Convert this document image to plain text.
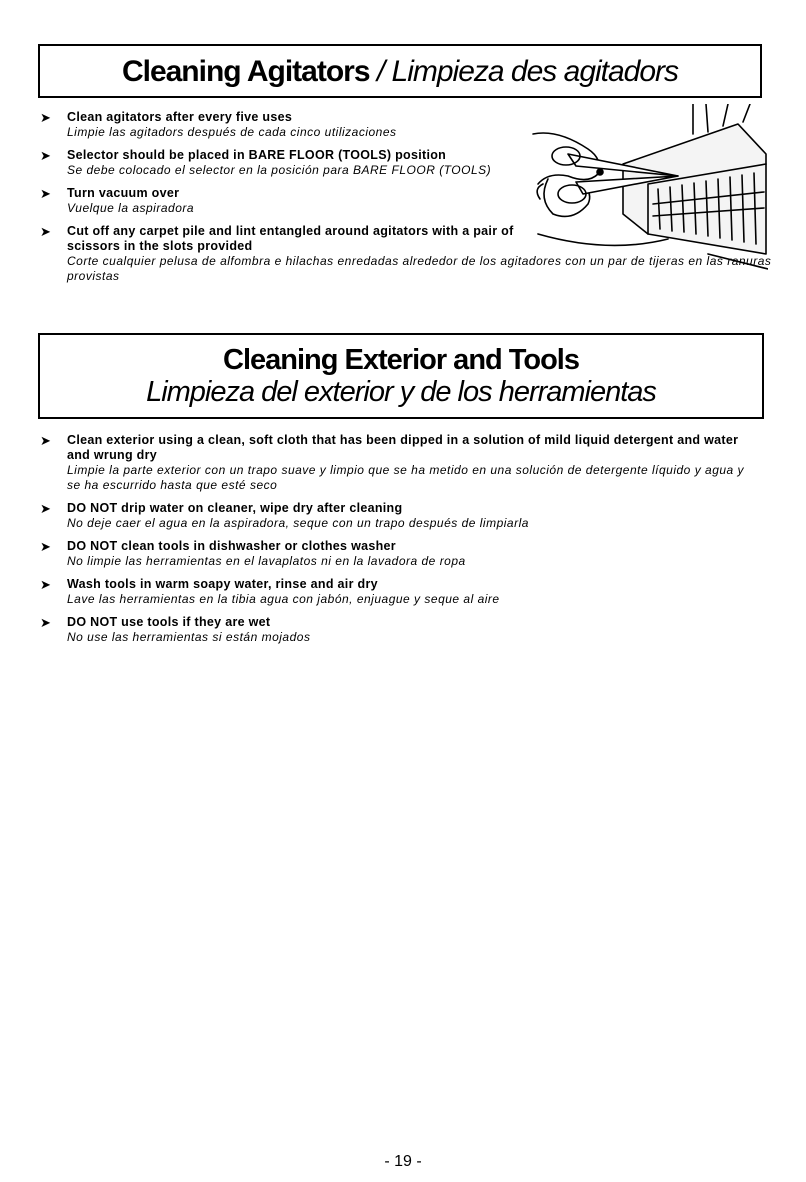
Cleaning Agitators / Limpieza des agitadors
➤ Clean agitators after every five uses
Limpie las agitadors después de cada cinco utilizaciones
➤ Selector should be placed in BARE FLOOR (TOOLS) position
Se debe colocado el selector en la posición para BARE FLOOR (TOOLS)
➤ Turn vacuum over
Vuelque la aspiradora
➤ Cut off any carpet pile and lint entangled around agitators with a pair of scissors in the slots provided
Corte cualquier pelusa de alfombra e hilachas enredadas alrededor de los agitadores con un par de tijeras en las ranuras provistas
Cleaning Exterior and Tools
Limpieza del exterior y de los herramientas
➤ Clean exterior using a clean, soft cloth that has been dipped in a solution of mild liquid detergent and water and wrung dry
Limpie la parte exterior con un trapo suave y limpio que se ha metido en una solución de detergente líquido y agua y se ha escurrido hasta que esté seco
➤ DO NOT drip water on cleaner, wipe dry after cleaning
No deje caer el agua en la aspiradora, seque con un trapo después de limpiarla
➤ DO NOT clean tools in dishwasher or clothes washer
No limpie las herramientas en el lavaplatos ni en la lavadora de ropa
➤ Wash tools in warm soapy water, rinse and air dry
Lave las herramientas en la tibia agua con jabón, enjuague y seque al aire
➤ DO NOT use tools if they are wet
No use las herramientas si están mojados
- 19 -
